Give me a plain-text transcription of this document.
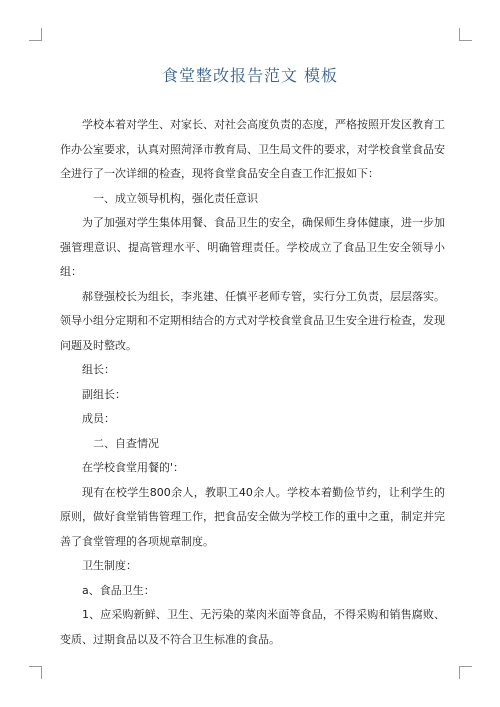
食堂整改报告范文 模板

学校本着对学生、对家长、对社会高度负责的态度，严格按照开发区教育工作办公室要求，认真对照菏泽市教育局、卫生局文件的要求，对学校食堂食品安全进行了一次详细的检查，现将食堂食品安全自查工作汇报如下：

一、成立领导机构，强化责任意识

为了加强对学生集体用餐、食品卫生的安全，确保师生身体健康，进一步加强管理意识、提高管理水平、明确管理责任。学校成立了食品卫生安全领导小组：

郝登强校长为组长，李兆建、任慎平老师专管，实行分工负责，层层落实。领导小组分定期和不定期相结合的方式对学校食堂食品卫生安全进行检查，发现问题及时整改。

组长：

副组长：

成员：

二、自查情况

在学校食堂用餐的'：

现有在校学生800余人，教职工40余人。学校本着勤俭节约，让利学生的原则，做好食堂销售管理工作，把食品安全做为学校工作的重中之重，制定并完善了食堂管理的各项规章制度。

卫生制度：

a、食品卫生：

1、应采购新鲜、卫生、无污染的菜肉米面等食品，不得采购和销售腐败、变质、过期食品以及不符合卫生标准的食品。
